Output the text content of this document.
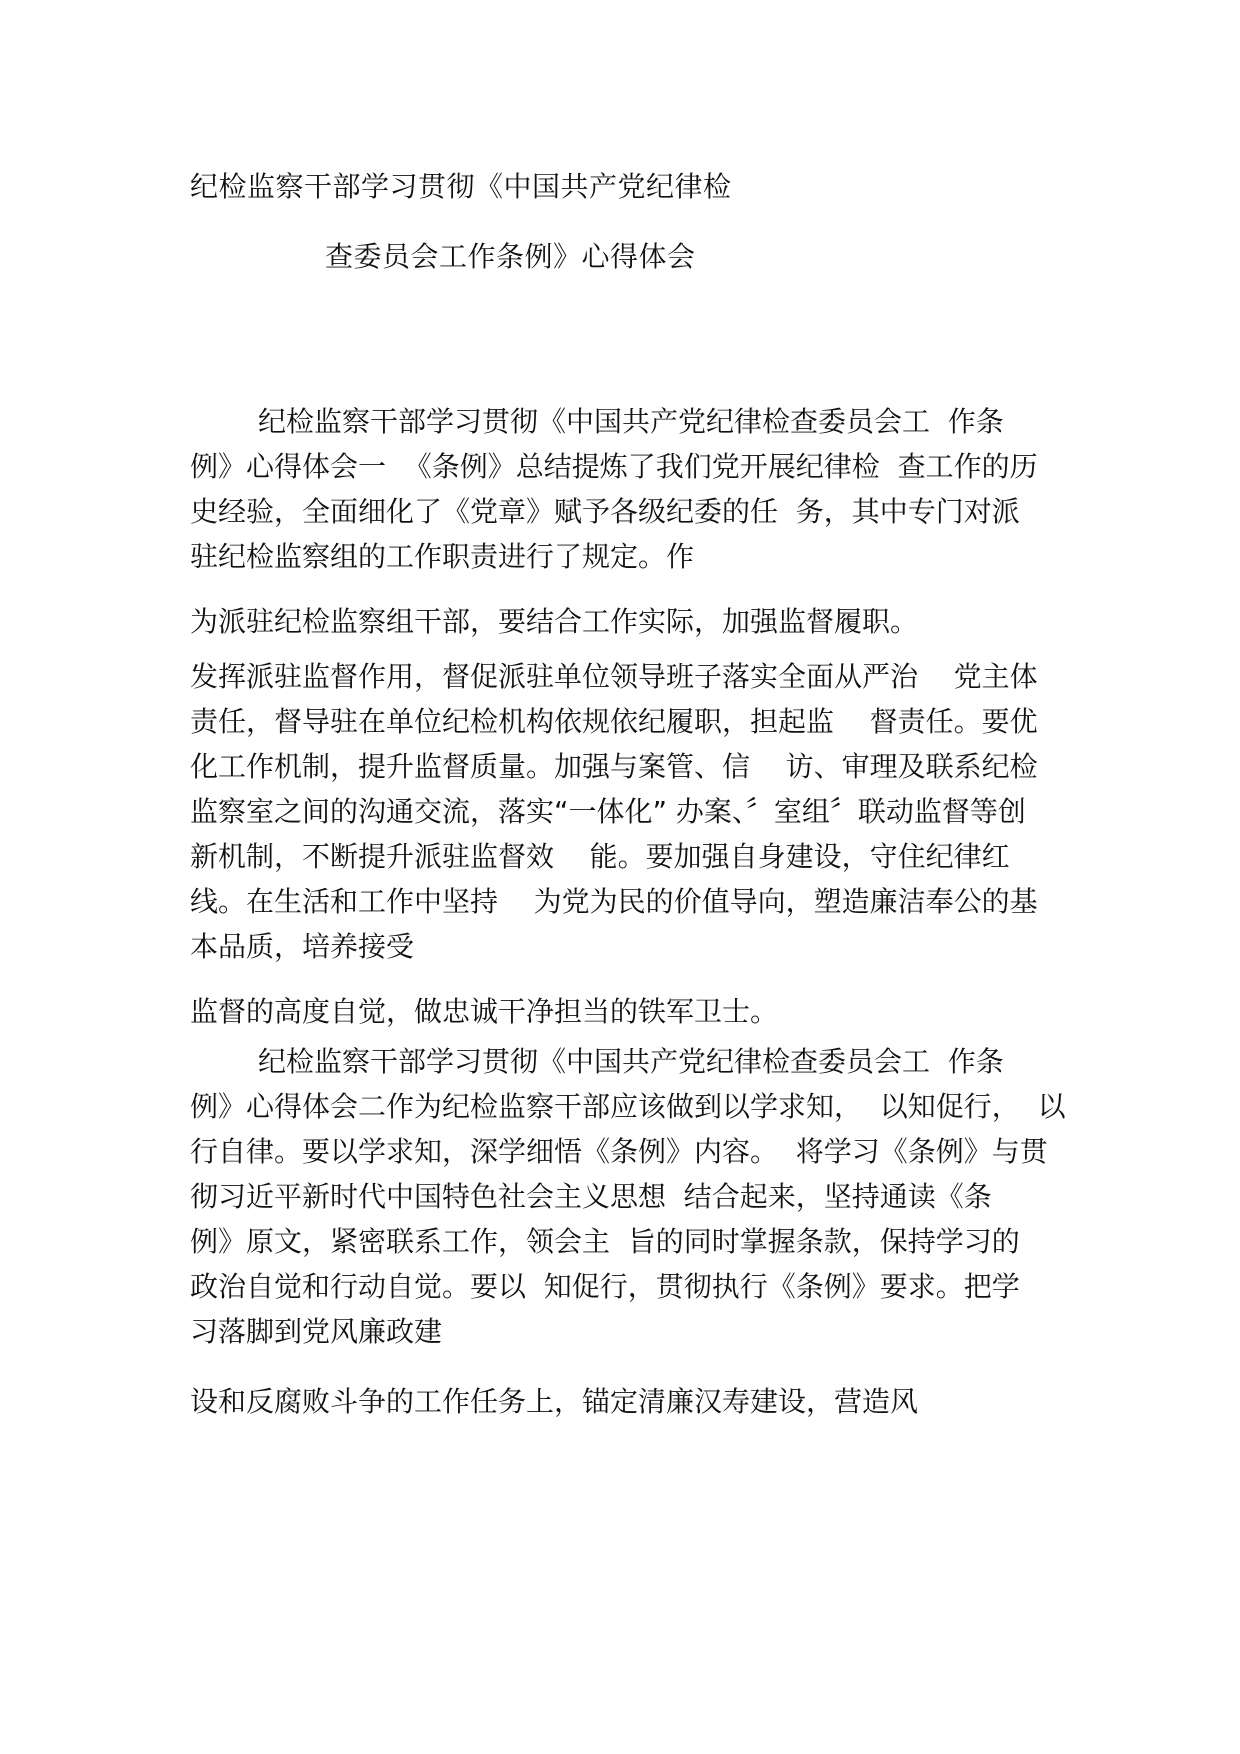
纪检监察干部学习贯彻《中国共产党纪律检
查委员会工作条例》心得体会
纪检监察干部学习贯彻《中国共产党纪律检查委员会工  作条
例》心得体会一  《条例》总结提炼了我们党开展纪律检  查工作的历
史经验，全面细化了《党章》赋予各级纪委的任  务，其中专门对派
驻纪检监察组的工作职责进行了规定。作
为派驻纪检监察组干部，要结合工作实际，加强监督履职。
发挥派驻监督作用，督促派驻单位领导班子落实全面从严治    党主体
责任，督导驻在单位纪检机构依规依纪履职，担起监    督责任。要优
化工作机制，提升监督质量。加强与案管、信    访、审理及联系纪检
监察室之间的沟通交流，落实“一体化” 办案、〞室组〞联动监督等创
新机制，不断提升派驻监督效    能。要加强自身建设，守住纪律红
线。在生活和工作中坚持    为党为民的价值导向，塑造廉洁奉公的基
本品质，培养接受
监督的高度自觉，做忠诚干净担当的铁军卫士。
纪检监察干部学习贯彻《中国共产党纪律检查委员会工  作条
例》心得体会二作为纪检监察干部应该做到以学求知，  以知促行，  以
行自律。要以学求知，深学细悟《条例》内容。  将学习《条例》与贯
彻习近平新时代中国特色社会主义思想  结合起来，坚持通读《条
例》原文，紧密联系工作，领会主  旨的同时掌握条款，保持学习的
政治自觉和行动自觉。要以  知促行，贯彻执行《条例》要求。把学
习落脚到党风廉政建
设和反腐败斗争的工作任务上，锚定清廉汉寿建设，营造风
